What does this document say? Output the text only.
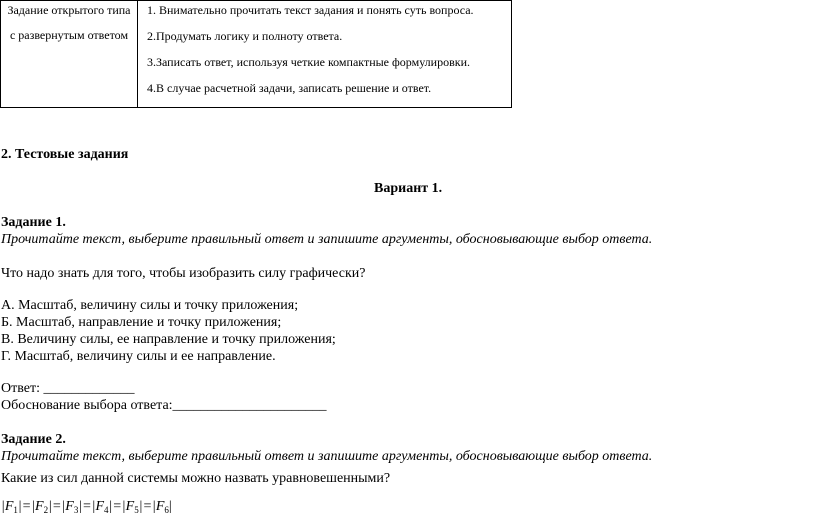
Задание открытого типа
с развернутым ответом
1. Внимательно прочитать текст задания и понять суть вопроса.
2.Продумать логику и полноту ответа.
3.Записать ответ, используя четкие компактные формулировки.
4.В случае расчетной задачи, записать решение и ответ.
2. Тестовые задания
Вариант 1.
Задание 1.
Прочитайте текст, выберите правильный ответ и запишите аргументы, обосновывающие выбор ответа.
Что надо знать для того, чтобы изобразить силу графически?
А. Масштаб, величину силы и точку приложения;
Б. Масштаб, направление и точку приложения;
В. Величину силы, ее направление и точку приложения;
Г. Масштаб, величину силы и ее направление.
Ответ: _____________
Обоснование выбора ответа:______________________
Задание 2.
Прочитайте текст, выберите правильный ответ и запишите аргументы, обосновывающие выбор ответа.
Какие из сил данной системы можно назвать уравновешенными?
$|F_1|=|F_2|=|F_3|=|F_4|=|F_5|=|F_6|$
